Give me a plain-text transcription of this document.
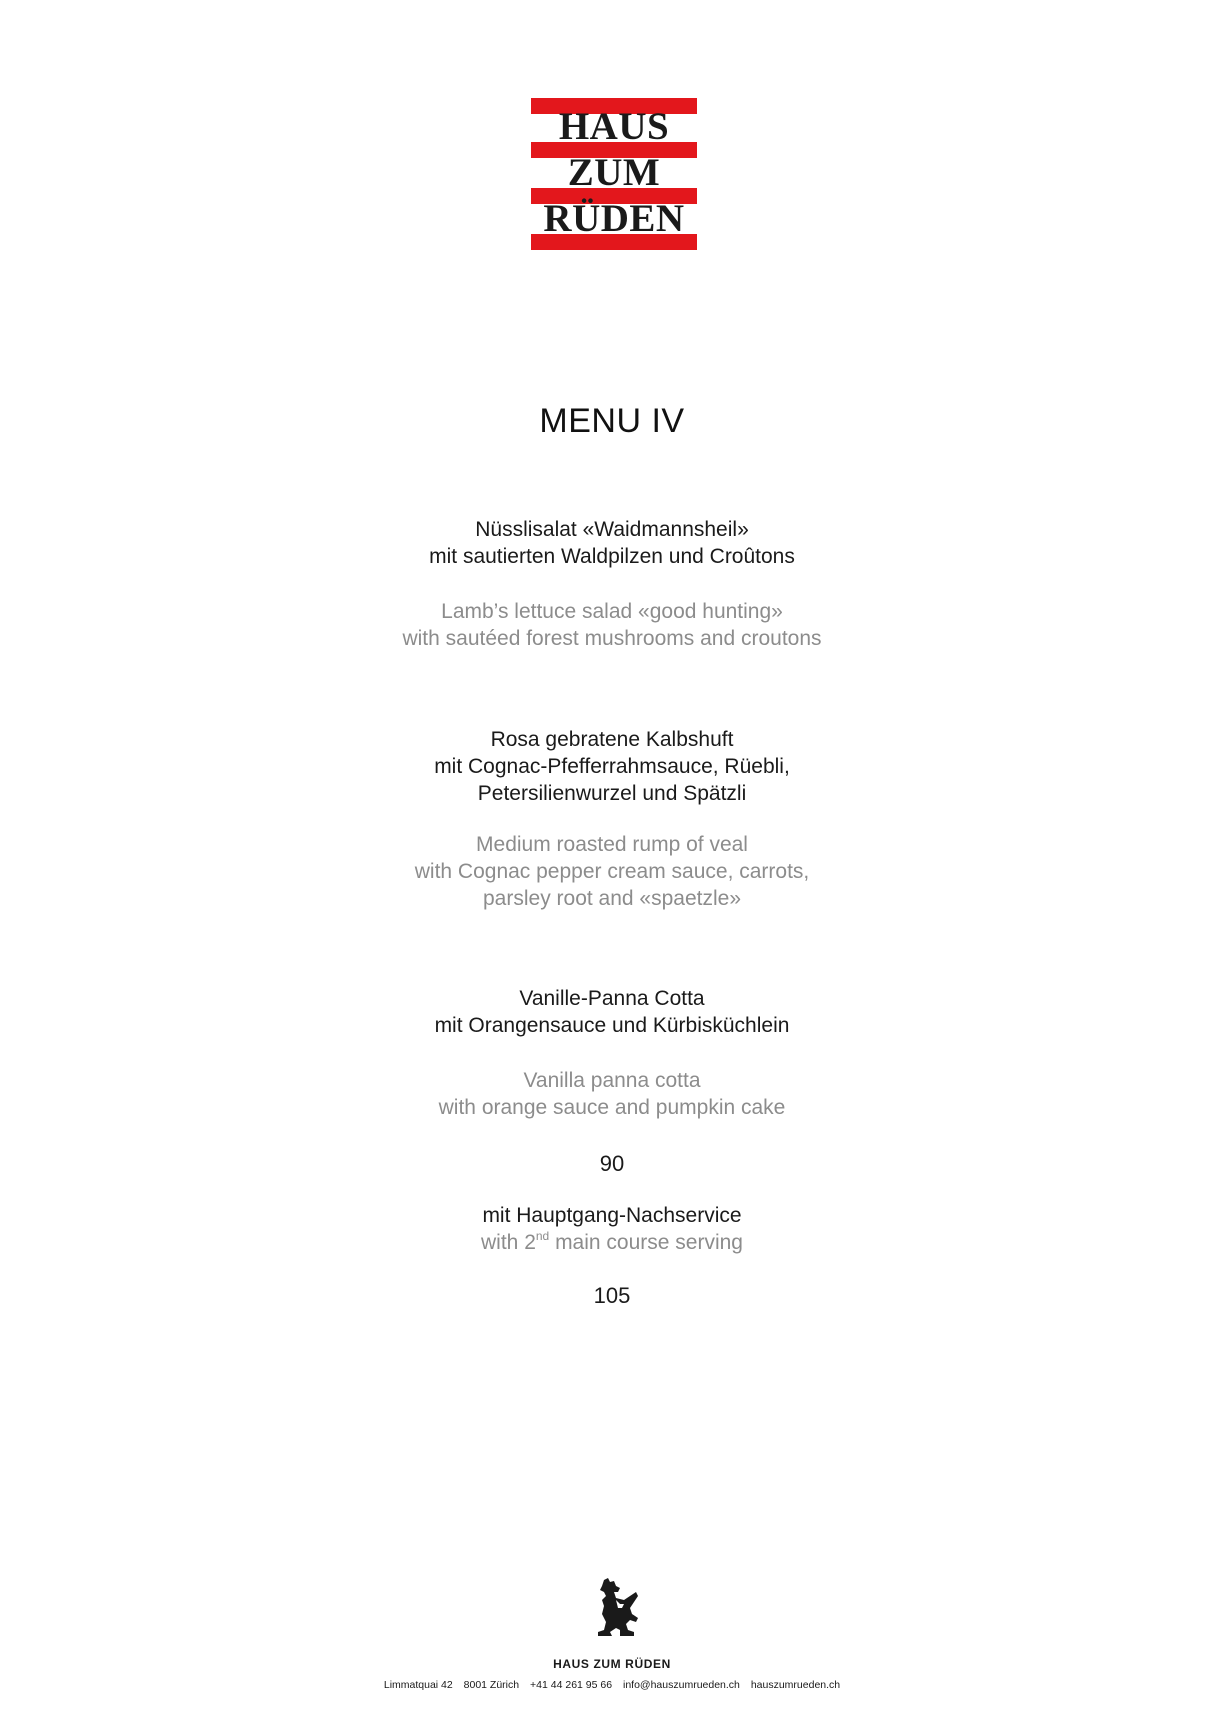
HAUS
ZUM
RÜDEN
MENU IV
Nüsslisalat «Waidmannsheil»
mit sautierten Waldpilzen und Croûtons
Lamb’s lettuce salad «good hunting»
with sautéed forest mushrooms and croutons
Rosa gebratene Kalbshuft
mit Cognac-Pfefferrahmsauce, Rüebli,
Petersilienwurzel und Spätzli
Medium roasted rump of veal
with Cognac pepper cream sauce, carrots,
parsley root and «spaetzle»
Vanille-Panna Cotta
mit Orangensauce und Kürbisküchlein
Vanilla panna cotta
with orange sauce and pumpkin cake
90
mit Hauptgang-Nachservice
with 2nd main course serving
105
HAUS ZUM RÜDEN
Limmatquai 42 8001 Zürich +41 44 261 95 66 info@hauszumrueden.ch hauszumrueden.ch
